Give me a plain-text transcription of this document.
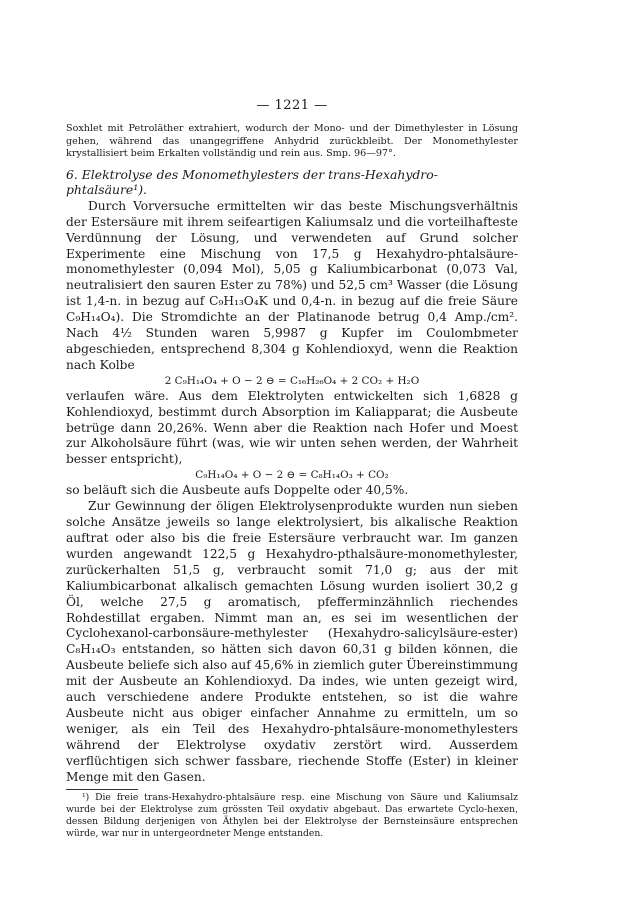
— 1221 —

Soxhlet mit Petroläther extrahiert, wodurch der Mono- und der Dimethylester in Lösung gehen, während das unangegriffene Anhydrid zurückbleibt. Der Monomethylester krystallisiert beim Erkalten vollständig und rein aus. Smp. 96—97°.

6. Elektrolyse des Monomethylesters der trans-Hexahydro-phtalsäure¹).

Durch Vorversuche ermittelten wir das beste Mischungsverhältnis der Estersäure mit ihrem seifeartigen Kaliumsalz und die vorteilhafteste Verdünnung der Lösung, und verwendeten auf Grund solcher Experimente eine Mischung von 17,5 g Hexahydro-phtalsäure-monomethylester (0,094 Mol), 5,05 g Kaliumbicarbonat (0,073 Val, neutralisiert den sauren Ester zu 78%) und 52,5 cm³ Wasser (die Lösung ist 1,4-n. in bezug auf C₉H₁₃O₄K und 0,4-n. in bezug auf die freie Säure C₉H₁₄O₄). Die Stromdichte an der Platinanode betrug 0,4 Amp./cm². Nach 4½ Stunden waren 5,9987 g Kupfer im Coulombmeter abgeschieden, entsprechend 8,304 g Kohlendioxyd, wenn die Reaktion nach Kolbe

2 C₉H₁₄O₄ + O − 2 ⊖ = C₁₆H₂₆O₄ + 2 CO₂ + H₂O

verlaufen wäre. Aus dem Elektrolyten entwickelten sich 1,6828 g Kohlendioxyd, bestimmt durch Absorption im Kaliapparat; die Ausbeute betrüge dann 20,26%. Wenn aber die Reaktion nach Hofer und Moest zur Alkoholsäure führt (was, wie wir unten sehen werden, der Wahrheit besser entspricht),

C₉H₁₄O₄ + O − 2 ⊖ = C₈H₁₄O₃ + CO₂

so beläuft sich die Ausbeute aufs Doppelte oder 40,5%.

Zur Gewinnung der öligen Elektrolysenprodukte wurden nun sieben solche Ansätze jeweils so lange elektrolysiert, bis alkalische Reaktion auftrat oder also bis die freie Estersäure verbraucht war. Im ganzen wurden angewandt 122,5 g Hexahydro-pthalsäure-monomethylester, zurückerhalten 51,5 g, verbraucht somit 71,0 g; aus der mit Kaliumbicarbonat alkalisch gemachten Lösung wurden isoliert 30,2 g Öl, welche 27,5 g aromatisch, pfefferminzähnlich riechendes Rohdestillat ergaben. Nimmt man an, es sei im wesentlichen der Cyclohexanol-carbonsäure-methylester (Hexahydro-salicylsäure-ester) C₈H₁₄O₃ entstanden, so hätten sich davon 60,31 g bilden können, die Ausbeute beliefe sich also auf 45,6% in ziemlich guter Übereinstimmung mit der Ausbeute an Kohlendioxyd. Da indes, wie unten gezeigt wird, auch verschiedene andere Produkte entstehen, so ist die wahre Ausbeute nicht aus obiger einfacher Annahme zu ermitteln, um so weniger, als ein Teil des Hexahydro-phtalsäure-monomethylesters während der Elektrolyse oxydativ zerstört wird. Ausserdem verflüchtigen sich schwer fassbare, riechende Stoffe (Ester) in kleiner Menge mit den Gasen.

¹) Die freie trans-Hexahydro-phtalsäure resp. eine Mischung von Säure und Kaliumsalz wurde bei der Elektrolyse zum grössten Teil oxydativ abgebaut. Das erwartete Cyclo-hexen, dessen Bildung derjenigen von Äthylen bei der Elektrolyse der Bernsteinsäure entsprechen würde, war nur in untergeordneter Menge entstanden.
